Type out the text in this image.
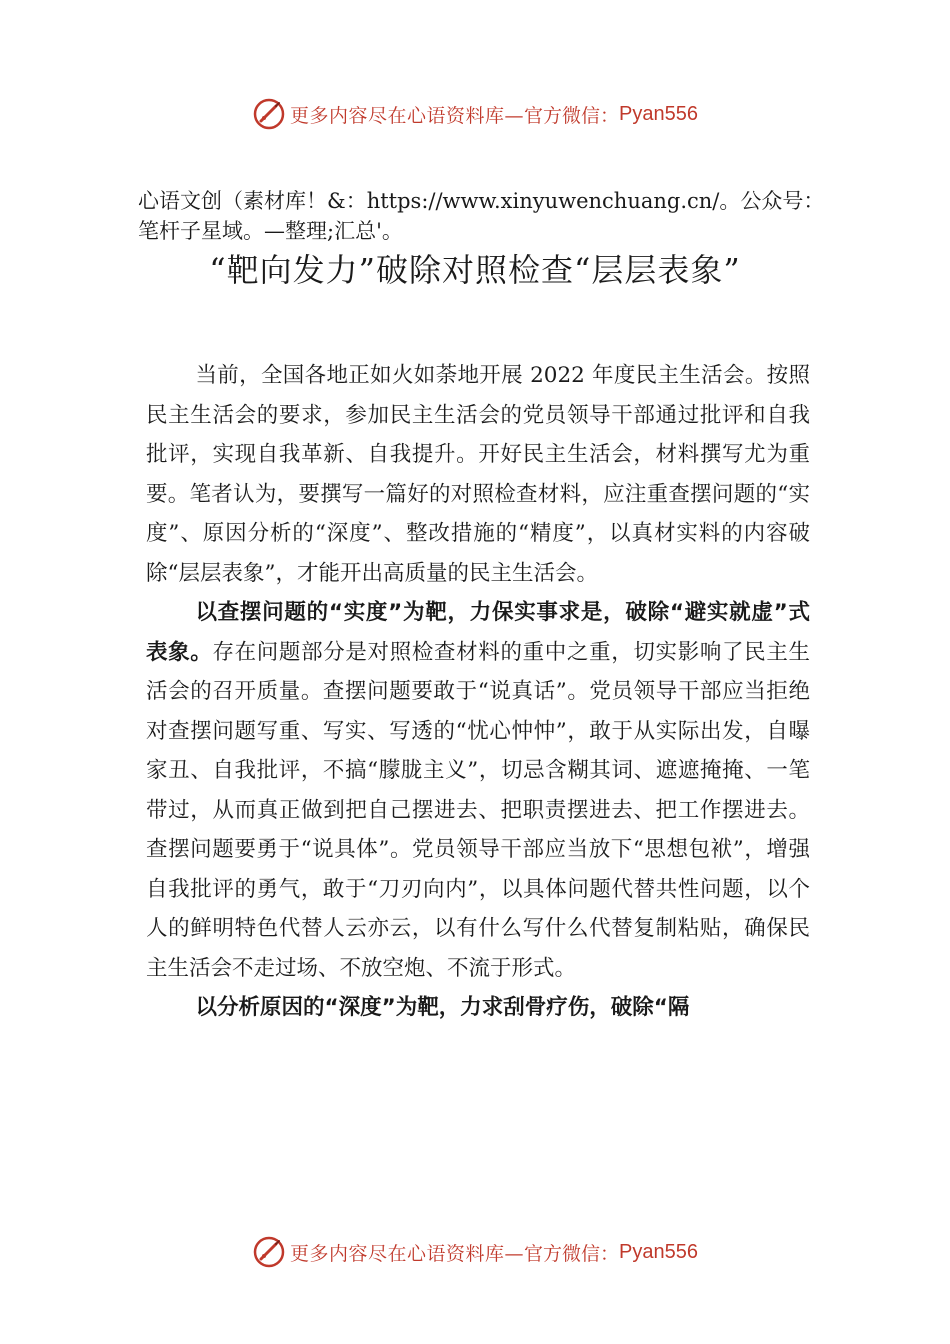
更多内容尽在心语资料库— 官方微信： Pyan556
心语文创（素材库！&：https://www.xinyuwenchuang.cn/。公众号：笔杆子星域。—整理;汇总'。
“靶向发力”破除对照检查“层层表象”

当前，全国各地正如火如荼地开展 2022 年度民主生活会。按照民主生活会的要求，参加民主生活会的党员领导干部通过批评和自我批评，实现自我革新、自我提升。开好民主生活会，材料撰写尤为重要。笔者认为，要撰写一篇好的对照检查材料，应注重查摆问题的“实度”、原因分析的“深度”、整改措施的“精度”，以真材实料的内容破除“层层表象”，才能开出高质量的民主生活会。

以查摆问题的“实度”为靶，力保实事求是，破除“避实就虚”式表象。存在问题部分是对照检查材料的重中之重，切实影响了民主生活会的召开质量。查摆问题要敢于“说真话”。党员领导干部应当拒绝对查摆问题写重、写实、写透的“忧心忡忡”，敢于从实际出发，自曝家丑、自我批评，不搞“朦胧主义”，切忌含糊其词、遮遮掩掩、一笔带过，从而真正做到把自己摆进去、把职责摆进去、把工作摆进去。查摆问题要勇于“说具体”。党员领导干部应当放下“思想包袱”，增强自我批评的勇气，敢于“刀刃向内”，以具体问题代替共性问题，以个人的鲜明特色代替人云亦云，以有什么写什么代替复制粘贴，确保民主生活会不走过场、不放空炮、不流于形式。

以分析原因的“深度”为靶，力求刮骨疗伤，破除“隔

更多内容尽在心语资料库— 官方微信： Pyan556
